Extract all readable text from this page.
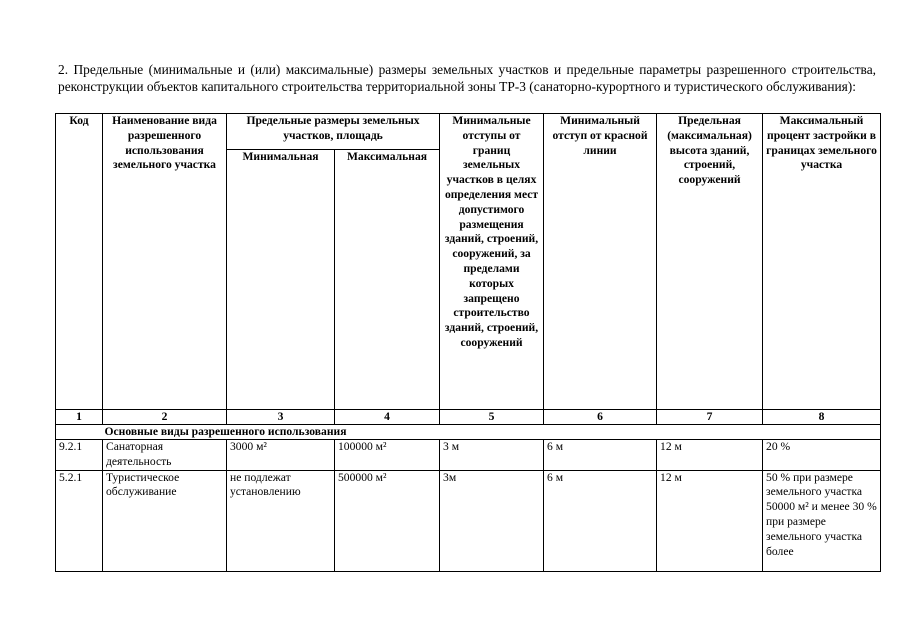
2. Предельные (минимальные и (или) максимальные) размеры земельных участков и предельные параметры разрешенного строительства, реконструкции объектов капитального строительства территориальной зоны ТР-3 (санаторно-курортного и туристического обслуживания):

Код	Наименование вида разрешенного использования земельного участка	Предельные размеры земельных участков, площадь		Минимальные отступы от границ земельных участков в целях определения мест допустимого размещения зданий, строений, сооружений, за пределами которых запрещено строительство зданий, строений, сооружений	Минимальный отступ от красной линии	Предельная (максимальная) высота зданий, строений, сооружений	Максимальный процент застройки в границах земельного участка
		Минимальная	Максимальная				
1	2	3	4	5	6	7	8
	Основные виды разрешенного использования						
9.2.1	Санаторная деятельность	3000 м²	100000 м²	3 м	6 м	12 м	20 %
5.2.1	Туристическое обслуживание	не подлежат установлению	500000 м²	3м	6 м	12 м	50 % при размере земельного участка 50000 м² и менее 30 % при размере земельного участка более
